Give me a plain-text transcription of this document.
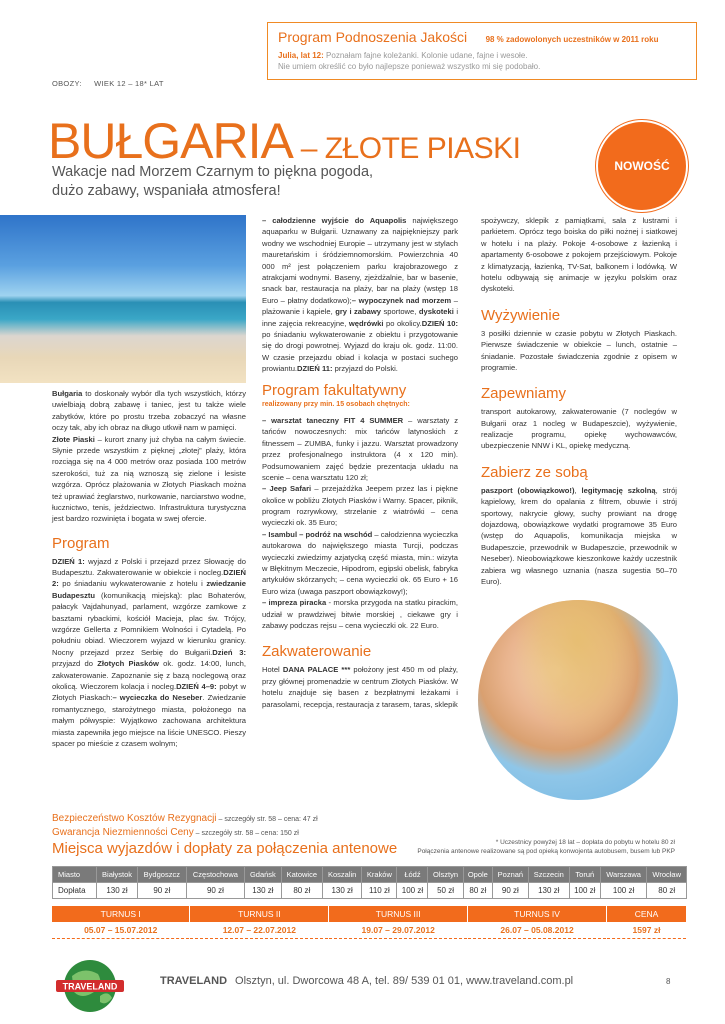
Program Podnoszenia Jakości 98 % zadowolonych uczestników w 2011 roku
Julia, lat 12: Poznałam fajne koleżanki. Kolonie udane, fajne i wesołe.
Nie umiem określić co było najlepsze ponieważ wszystko mi się podobało.
OBOZY: WIEK 12 – 18* LAT
BUŁGARIA – ZŁOTE PIASKI
NOWOŚĆ
Wakacje nad Morzem Czarnym to piękna pogoda,
dużo zabawy, wspaniała atmosfera!

Bułgaria to doskonały wybór dla tych wszystkich, którzy uwielbiają dobrą zabawę i taniec, jest tu także wiele zabytków, które po prostu trzeba zobaczyć na własne oczy tak, aby ich obraz na długo utkwił nam w pamięci.

Złote Piaski – kurort znany już chyba na całym świecie. Słynie przede wszystkim z pięknej „złotej” plaży, która rozciąga się na 4 000 metrów oraz posiada 100 metrów szerokości, tuż za nią wznoszą się zielone i lesiste wzgórza. Oprócz plażowania w Złotych Piaskach można też uprawiać żeglarstwo, nurkowanie, narciarstwo wodne, łucznictwo, tenis, jeździectwo. Infrastruktura turystyczna jest bardzo rozwinięta i bogata w swej ofercie.

Program

DZIEŃ 1: wyjazd z Polski i przejazd przez Słowację do Budapesztu. Zakwaterowanie w obiekcie i nocleg.DZIEŃ 2: po śniadaniu wykwaterowanie z hotelu i zwiedzanie Budapesztu (komunikacją miejską): plac Bohaterów, pałacyk Vajdahunyad, parlament, wzgórze zamkowe z basztami rybackimi, kościół Macieja, plac św. Trójcy, wzgórze Gellerta z Pomnikiem Wolności i Cytadelą. Po południu obiad. Wieczorem wyjazd w kierunku granicy. Nocny przejazd przez Serbię do Bułgarii.Dzień 3: przyjazd do Złotych Piasków ok. godz. 14:00, lunch, zakwaterowanie. Zapoznanie się z bazą noclegową oraz okolicą. Wieczorem kolacja i nocleg.DZIEŃ 4–9: pobyt w Złotych Piaskach:– wycieczka do Neseber. Zwiedzanie romantycznego, starożytnego miasta, położonego na małym półwyspie: Wyjątkowo zachowana architektura miasta zapewniła jego miejsce na liście UNESCO. Pieszy spacer po mieście z czasem wolnym;

– całodzienne wyjście do Aquapolis największego aquaparku w Bułgarii. Uznawany za najpiękniejszy park wodny we wschodniej Europie – utrzymany jest w stylach mauretańskim i śródziemnomorskim. Powierzchnia 40 000 m² jest połączeniem parku krajobrazowego z atrakcjami wodnymi. Baseny, zjeżdżalnie, bar w basenie, snack bar, restauracja na plaży, bar na plaży (wstęp 18 Euro – płatny dodatkowo);– wypoczynek nad morzem – plażowanie i kąpiele, gry i zabawy sportowe, dyskoteki i inne zajęcia rekreacyjne, wędrówki po okolicy.DZIEŃ 10: po śniadaniu wykwaterowanie z obiektu i przygotowanie się do drogi powrotnej. Wyjazd do kraju ok. godz. 11:00. W czasie przejazdu obiad i kolacja w postaci suchego prowiantu.DZIEŃ 11: przyjazd do Polski.

Program fakultatywny
realizowany przy min. 15 osobach chętnych:

– warsztat taneczny FIT 4 SUMMER – warsztaty z tańców nowoczesnych: mix tańców latynoskich z fitnessem – ZUMBA, funky i jazzu. Warsztat prowadzony przez profesjonalnego instruktora (4 x 120 min). Podsumowaniem zajęć będzie prezentacja układu na scenie – cena warsztatu 120 zł;

– Jeep Safari – przejażdżka Jeepem przez las i piękne okolice w pobliżu Złotych Piasków i Warny. Spacer, piknik, program rozrywkowy, strzelanie z wiatrówki – cena wycieczki ok. 35 Euro;

– Isambul – podróż na wschód – całodzienna wycieczka autokarowa do największego miasta Turcji, podczas wycieczki zwiedzimy azjatycką część miasta, min.: wizyta w Błękitnym Meczecie, Hipodrom, egipski obelisk, fabryka artykułów skórzanych; – cena wycieczki ok. 65 Euro + 16 Euro wiza (uwaga paszport obowiązkowy!);

– impreza piracka - morska przygoda na statku pirackim, udział w prawdziwej bitwie morskiej , ciekawe gry i zabawy podczas rejsu – cena wycieczki ok. 22 Euro.

Zakwaterowanie

Hotel DANA PALACE *** położony jest 450 m od plaży, przy głównej promenadzie w centrum Złotych Piasków. W hotelu znajduje się basen z bezpłatnymi leżakami i parasolami, recepcja, restauracja z tarasem, taras, sklepik

spożywczy, sklepik z pamiątkami, sala z lustrami i parkietem. Oprócz tego boiska do piłki nożnej i siatkowej w hotelu i na plaży. Pokoje 4-osobowe z łazienką i apartamenty 6-osobowe z pokojem przejściowym. Pokoje z klimatyzacją, łazienką, TV-Sat, balkonem i lodówką. W hotelu odbywają się animacje w języku polskim oraz dyskoteki.

Wyżywienie

3 posiłki dziennie w czasie pobytu w Złotych Piaskach. Pierwsze świadczenie w obiekcie – lunch, ostatnie – śniadanie. Pozostałe świadczenia zgodnie z opisem w programie.

Zapewniamy

transport autokarowy, zakwaterowanie (7 noclegów w Bułgarii oraz 1 nocleg w Budapeszcie), wyżywienie, realizacje programu, opiekę wychowawców, ubezpieczenie NNW i KL, opiekę medyczną.

Zabierz ze sobą

paszport (obowiązkowo!), legitymację szkolną, strój kąpielowy, krem do opalania z filtrem, obuwie i strój sportowy, nakrycie głowy, suchy prowiant na drogę dojazdową, obowiązkowe wydatki programowe 35 Euro (wstęp do Aquapolis, komunikacja miejska w Budapeszcie, przewodnik w Budapeszcie, przewodnik w Neseber). Nieobowiązkowe kieszonkowe każdy uczestnik zabiera wg własnego uznania (nasza sugestia 50–70 Euro).

Bezpieczeństwo Kosztów Rezygnacji – szczegóły str. 58 – cena: 47 zł
Gwarancja Niezmienności Ceny – szczegóły str. 58 – cena: 150 zł
Miejsca wyjazdów i dopłaty za połączenia antenowe	* Uczestnicy powyżej 18 lat – dopłata do pobytu w hotelu 80 zł
Połączenia antenowe realizowane są pod opieką konwojenta autobusem, busem lub PKP
Miasto	Białystok	Bydgoszcz	Częstochowa	Gdańsk	Katowice	Koszalin	Kraków	Łódź	Olsztyn	Opole	Poznań	Szczecin	Toruń	Warszawa	Wrocław
Dopłata	130 zł	90 zł	90 zł	130 zł	80 zł	130 zł	110 zł	100 zł	50 zł	80 zł	90 zł	130 zł	100 zł	100 zł	80 zł
TURNUS I	TURNUS II	TURNUS III	TURNUS IV	CENA
05.07 – 15.07.2012	12.07 – 22.07.2012	19.07 – 29.07.2012	26.07 – 05.08.2012	1597 zł
TRAVELAND	TRAVELAND Olsztyn, ul. Dworcowa 48 A, tel. 89/ 539 01 01, www.traveland.com.pl	8
